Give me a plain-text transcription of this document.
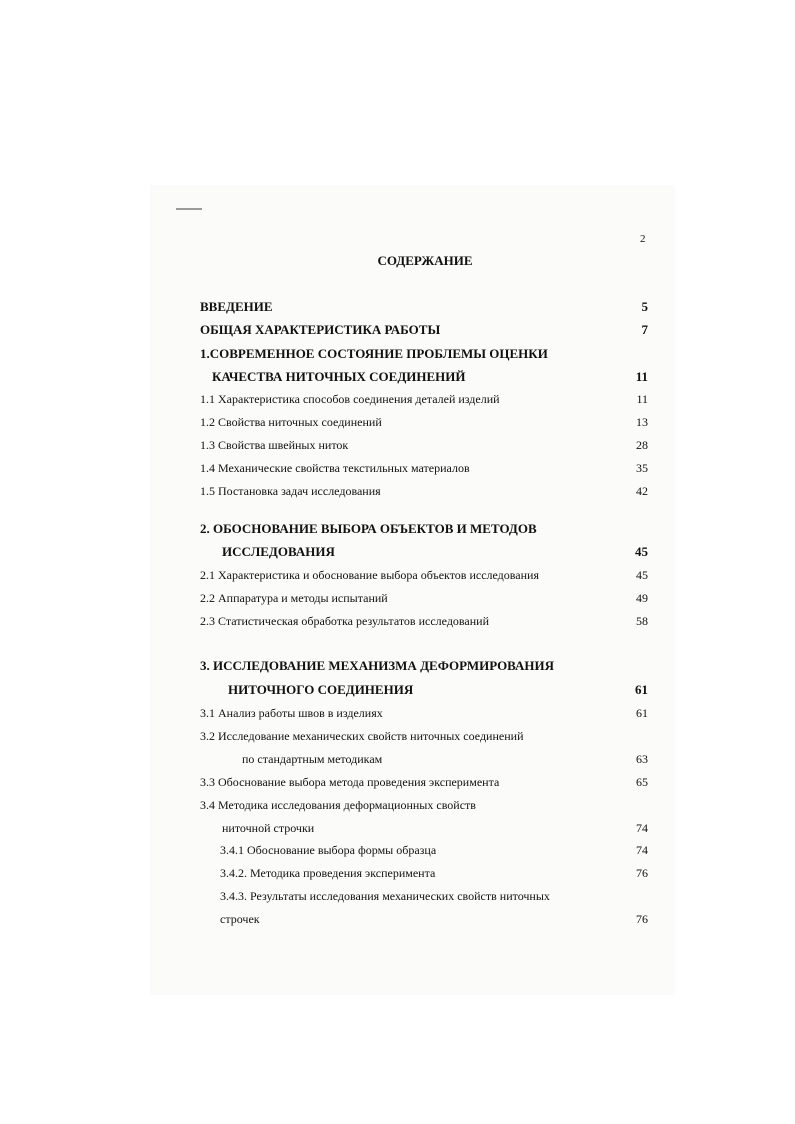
2
СОДЕРЖАНИЕ
ВВЕДЕНИЕ	5
ОБЩАЯ ХАРАКТЕРИСТИКА РАБОТЫ	7
1.СОВРЕМЕННОЕ СОСТОЯНИЕ ПРОБЛЕМЫ ОЦЕНКИ
КАЧЕСТВА НИТОЧНЫХ СОЕДИНЕНИЙ	11
1.1 Характеристика способов соединения деталей изделий	11
1.2 Свойства ниточных соединений	13
1.3 Свойства швейных ниток	28
1.4 Механические свойства текстильных материалов	35
1.5 Постановка задач исследования	42
2. ОБОСНОВАНИЕ ВЫБОРА ОБЪЕКТОВ И МЕТОДОВ
ИССЛЕДОВАНИЯ	45
2.1 Характеристика и обоснование выбора объектов исследования	45
2.2 Аппаратура и методы испытаний	49
2.3 Статистическая обработка результатов исследований	58
3. ИССЛЕДОВАНИЕ МЕХАНИЗМА ДЕФОРМИРОВАНИЯ
НИТОЧНОГО СОЕДИНЕНИЯ	61
3.1 Анализ работы швов в изделиях	61
3.2 Исследование механических свойств ниточных соединений
по стандартным методикам	63
3.3 Обоснование выбора метода проведения эксперимента	65
3.4 Методика исследования деформационных свойств
ниточной строчки	74
3.4.1 Обоснование выбора формы образца	74
3.4.2. Методика проведения эксперимента	76
3.4.3. Результаты исследования механических свойств ниточных
строчек	76
